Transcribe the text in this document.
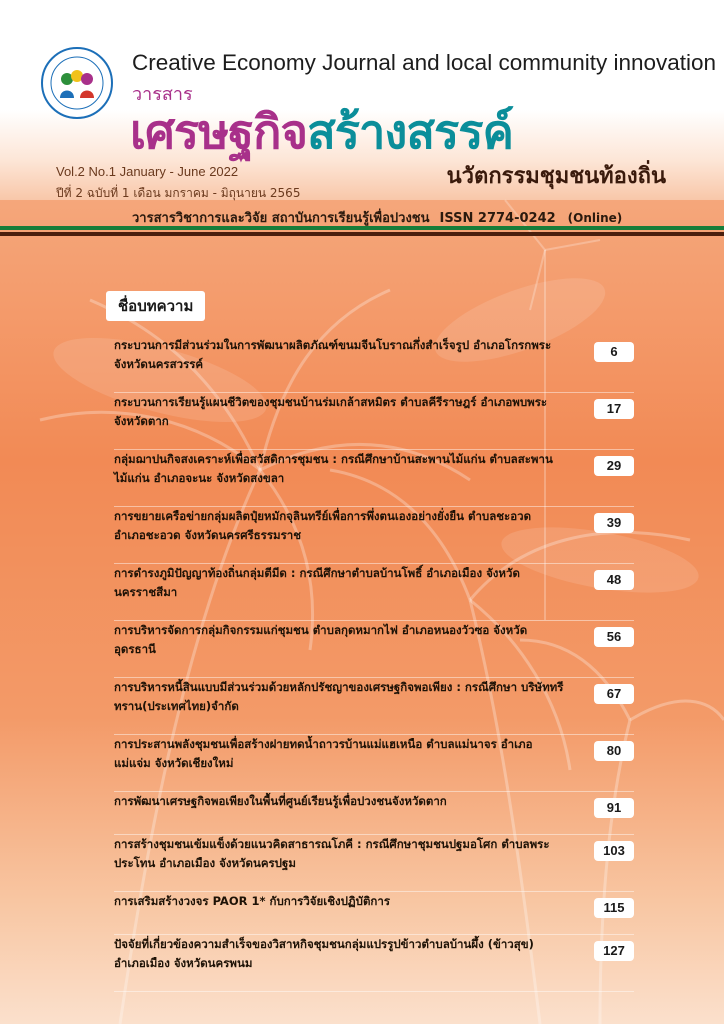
Creative Economy Journal and local community innovation
วารสาร
เศรษฐกิจสร้างสรรค์
นวัตกรรมชุมชนท้องถิ่น
Vol.2 No.1 January - June 2022
ปีที่ 2 ฉบับที่ 1 เดือน มกราคม - มิถุนายน 2565
วารสารวิชาการและวิจัย สถาบันการเรียนรู้เพื่อปวงชน ISSN 2774-0242 (Online)
ชื่อบทความ
กระบวนการมีส่วนร่วมในการพัฒนาผลิตภัณฑ์ขนมจีนโบราณกึ่งสำเร็จรูป อำเภอโกรกพระ จังหวัดนครสวรรค์
6
กระบวนการเรียนรู้แผนชีวิตของชุมชนบ้านร่มเกล้าสหมิตร ตำบลคีรีราษฎร์ อำเภอพบพระ จังหวัดตาก
17
กลุ่มฌาปนกิจสงเคราะห์เพื่อสวัสดิการชุมชน : กรณีศึกษาบ้านสะพานไม้แก่น ตำบลสะพานไม้แก่น อำเภอจะนะ จังหวัดสงขลา
29
การขยายเครือข่ายกลุ่มผลิตปุ๋ยหมักจุลินทรีย์เพื่อการพึ่งตนเองอย่างยั่งยืน ตำบลชะอวด อำเภอชะอวด จังหวัดนครศรีธรรมราช
39
การดำรงภูมิปัญญาท้องถิ่นกลุ่มตีมีด : กรณีศึกษาตำบลบ้านโพธิ์ อำเภอเมือง จังหวัดนครราชสีมา
48
การบริหารจัดการกลุ่มกิจกรรมแก่ชุมชน ตำบลกุดหมากไฟ อำเภอหนองวัวซอ จังหวัดอุดรธานี
56
การบริหารหนี้สินแบบมีส่วนร่วมด้วยหลักปรัชญาของเศรษฐกิจพอเพียง : กรณีศึกษา บริษัททรีทราน(ประเทศไทย)จำกัด
67
การประสานพลังชุมชนเพื่อสร้างฝายทดน้ำถาวรบ้านแม่แฮเหนือ ตำบลแม่นาจร อำเภอแม่แจ่ม จังหวัดเชียงใหม่
80
การพัฒนาเศรษฐกิจพอเพียงในพื้นที่ศูนย์เรียนรู้เพื่อปวงชนจังหวัดตาก	91
การสร้างชุมชนเข้มแข็งด้วยแนวคิดสาธารณโภคี : กรณีศึกษาชุมชนปฐมอโศก ตำบลพระประโทน อำเภอเมือง จังหวัดนครปฐม
103
การเสริมสร้างวงจร PAOR 1* กับการวิจัยเชิงปฏิบัติการ	115
ปัจจัยที่เกี่ยวข้องความสำเร็จของวิสาหกิจชุมชนกลุ่มแปรรูปข้าวตำบลบ้านผึ้ง (ข้าวสุข) อำเภอเมือง จังหวัดนครพนม
127
